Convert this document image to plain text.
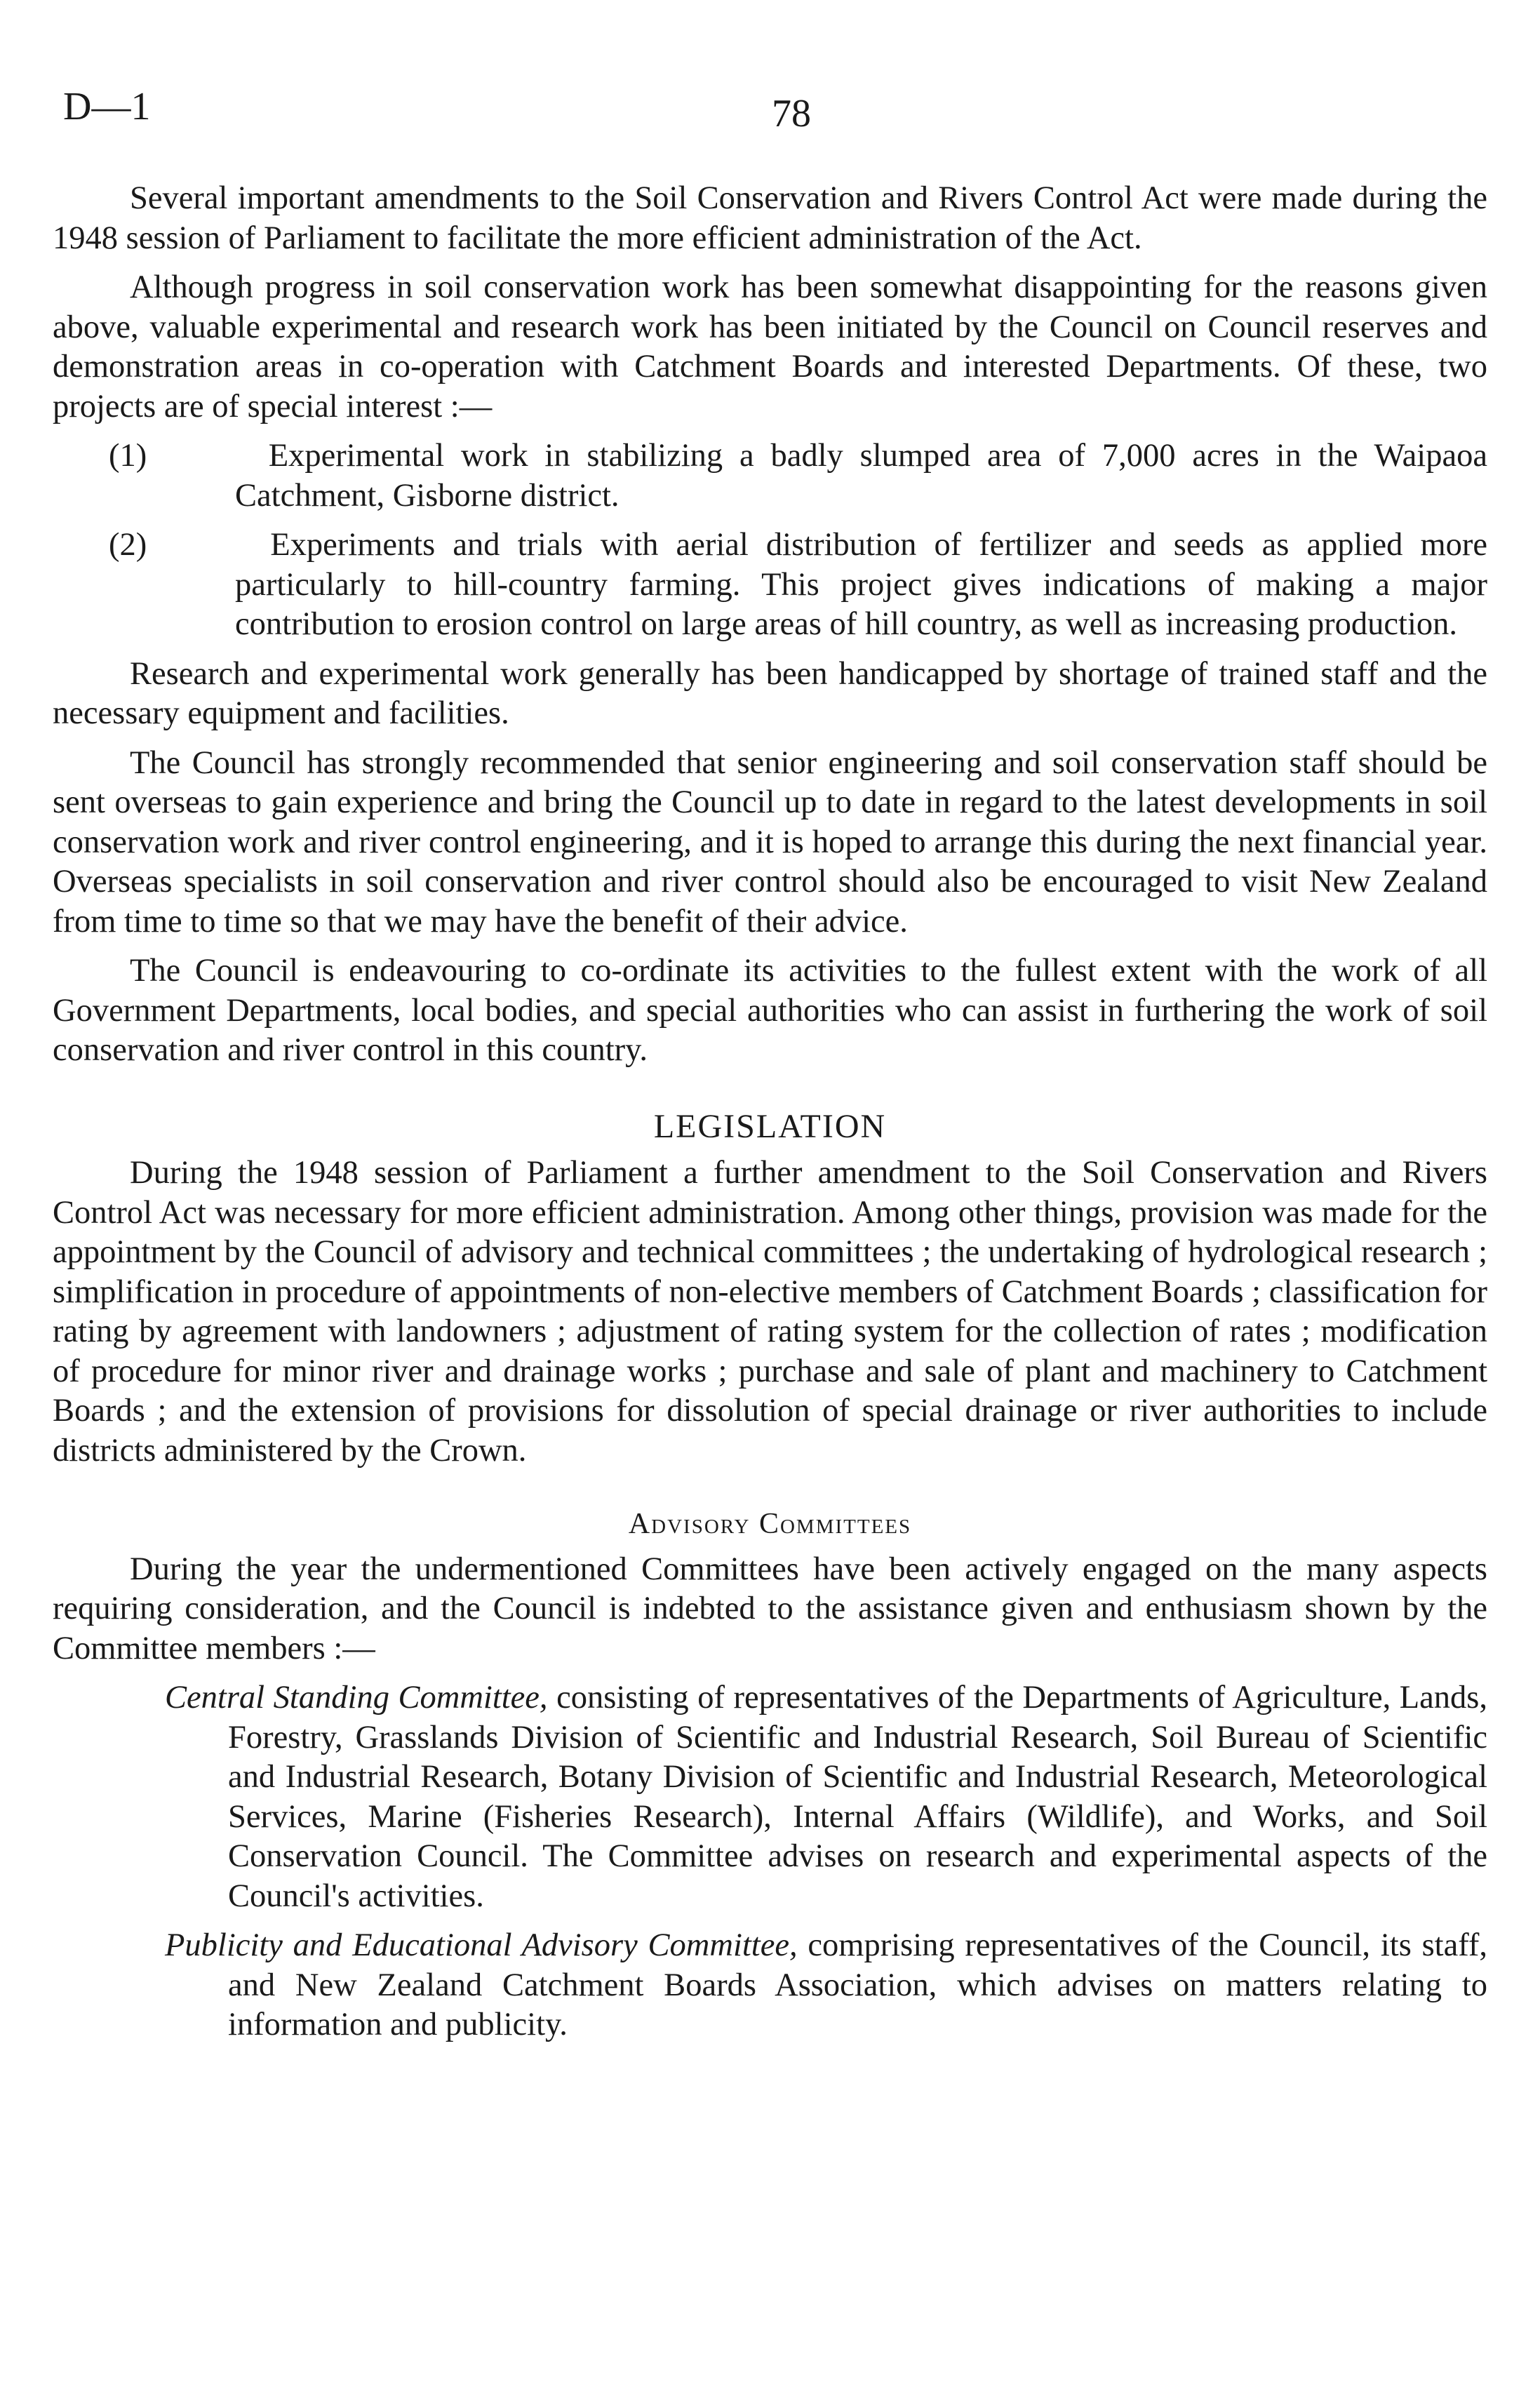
D—1	78

Several important amendments to the Soil Conservation and Rivers Control Act were made during the 1948 session of Parliament to facilitate the more efficient administration of the Act.

Although progress in soil conservation work has been somewhat disappointing for the reasons given above, valuable experimental and research work has been initiated by the Council on Council reserves and demonstration areas in co-operation with Catchment Boards and interested Departments. Of these, two projects are of special interest :—

(1)	Experimental work in stabilizing a badly slumped area of 7,000 acres in the Waipaoa Catchment, Gisborne district.
(2)	Experiments and trials with aerial distribution of fertilizer and seeds as applied more particularly to hill-country farming. This project gives indications of making a major contribution to erosion control on large areas of hill country, as well as increasing production.

Research and experimental work generally has been handicapped by shortage of trained staff and the necessary equipment and facilities.

The Council has strongly recommended that senior engineering and soil conservation staff should be sent overseas to gain experience and bring the Council up to date in regard to the latest developments in soil conservation work and river control engineering, and it is hoped to arrange this during the next financial year. Overseas specialists in soil conservation and river control should also be encouraged to visit New Zealand from time to time so that we may have the benefit of their advice.

The Council is endeavouring to co-ordinate its activities to the fullest extent with the work of all Government Departments, local bodies, and special authorities who can assist in furthering the work of soil conservation and river control in this country.

LEGISLATION

During the 1948 session of Parliament a further amendment to the Soil Conservation and Rivers Control Act was necessary for more efficient administration. Among other things, provision was made for the appointment by the Council of advisory and technical committees ; the undertaking of hydrological research ; simplification in procedure of appointments of non-elective members of Catchment Boards ; classification for rating by agreement with landowners ; adjustment of rating system for the collection of rates ; modification of procedure for minor river and drainage works ; purchase and sale of plant and machinery to Catchment Boards ; and the extension of provisions for dissolution of special drainage or river authorities to include districts administered by the Crown.

Advisory Committees

During the year the undermentioned Committees have been actively engaged on the many aspects requiring consideration, and the Council is indebted to the assistance given and enthusiasm shown by the Committee members :—

Central Standing Committee, consisting of representatives of the Departments of Agriculture, Lands, Forestry, Grasslands Division of Scientific and Industrial Research, Soil Bureau of Scientific and Industrial Research, Botany Division of Scientific and Industrial Research, Meteorological Services, Marine (Fisheries Research), Internal Affairs (Wildlife), and Works, and Soil Conservation Council. The Committee advises on research and experimental aspects of the Council's activities.
Publicity and Educational Advisory Committee, comprising representatives of the Council, its staff, and New Zealand Catchment Boards Association, which advises on matters relating to information and publicity.
